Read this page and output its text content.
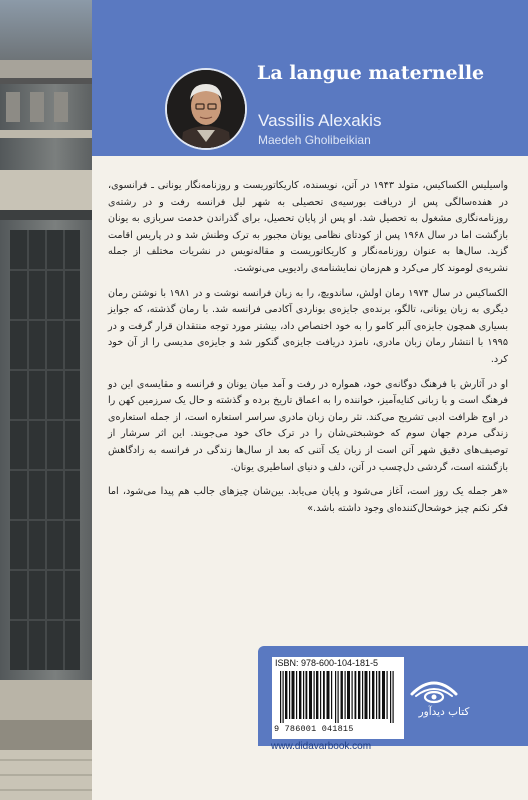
La langue maternelle
Vassilis Alexakis
Maedeh Gholibeikian

واسیلیس الکساکیس، متولد ۱۹۴۳ در آتن، نویسنده، کاریکاتوریست و روزنامه‌نگار یونانی ـ فرانسوی، در هفده‌سالگی پس از دریافت بورسیه‌ی تحصیلی به شهر لیل فرانسه رفت و در رشته‌ی روزنامه‌نگاری مشغول به تحصیل شد. او پس از پایان تحصیل، برای گذراندن خدمت سربازی به یونان بازگشت اما در سال ۱۹۶۸ پس از کودتای نظامی یونان مجبور به ترک وطنش شد و در پاریس اقامت گزید. سال‌ها به عنوان روزنامه‌نگار و کاریکاتوریست و مقاله‌نویس در نشریات مختلف از جمله نشریه‌ی لوموند کار می‌کرد و هم‌زمان نمایشنامه‌ی رادیویی می‌نوشت.

الکساکیس در سال ۱۹۷۴ رمان اولش، ساندویچ، را به زبان فرانسه نوشت و در ۱۹۸۱ با نوشتن رمان دیگری به زبان یونانی، تالگو، برنده‌ی جایزه‌ی بوناردی آکادمی فرانسه شد. با رمان گذشته، که جوایز بسیاری همچون جایزه‌ی آلبر کامو را به خود اختصاص داد، بیشتر مورد توجه منتقدان قرار گرفت و در ۱۹۹۵ با انتشار رمان زبان مادری، نامزد دریافت جایزه‌ی گنکور شد و جایزه‌ی مدیسی را از آن خود کرد.

او در آثارش با فرهنگ دوگانه‌ی خود، همواره در رفت و آمد میان یونان و فرانسه و مقایسه‌ی این دو فرهنگ است و با زبانی کنایه‌آمیز، خواننده را به اعماق تاریخ برده و گذشته و حال یک سرزمین کهن را در اوج ظرافت ادبی تشریح می‌کند. نثر رمان زبان مادری سراسر استعاره است، از جمله استعاره‌ی زندگی مردم جهان سوم که خوشبختی‌شان را در ترک خاک خود می‌جویند. این اثر سرشار از توصیف‌های دقیق شهر آتن است از زبان یک آتنی که بعد از سال‌ها زندگی در فرانسه به زادگاهش بازگشته است، گردشی دل‌چسب در آتن، دلف و دنیای اساطیری یونان.

«هر جمله یک روز است، آغاز می‌شود و پایان می‌یابد. بین‌شان چیزهای جالب هم پیدا می‌شود، اما فکر نکنم چیز خوشحال‌کننده‌ای وجود داشته باشد.»

ISBN: 978-600-104-181-5
9 786001 041815
www.didavarbook.com
کتاب دیدآور
